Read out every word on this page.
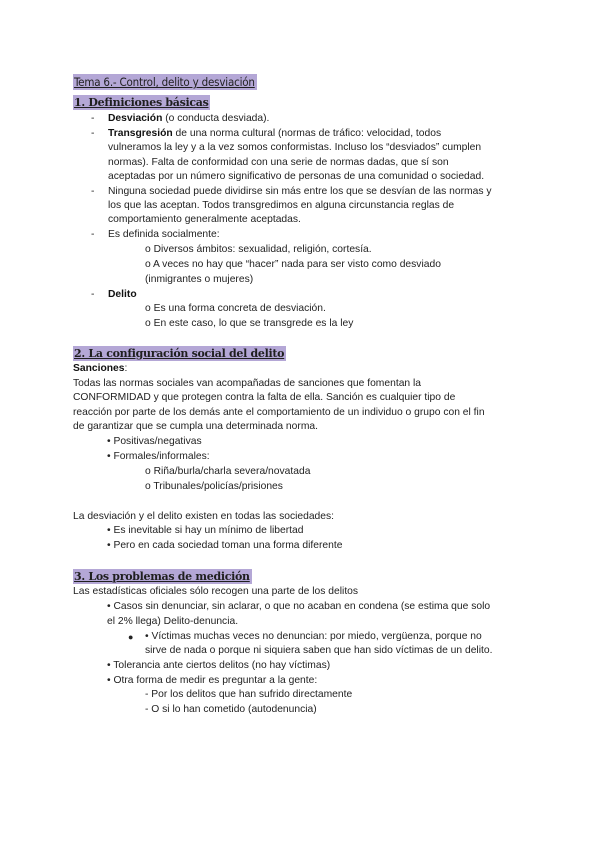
Tema 6.- Control, delito y desviación
1. Definiciones básicas
- Desviación (o conducta desviada).
- Transgresión de una norma cultural (normas de tráfico: velocidad, todos
vulneramos la ley y a la vez somos conformistas. Incluso los “desviados” cumplen
normas). Falta de conformidad con una serie de normas dadas, que sí son
aceptadas por un número significativo de personas de una comunidad o sociedad.
- Ninguna sociedad puede dividirse sin más entre los que se desvían de las normas y
los que las aceptan. Todos transgredimos en alguna circunstancia reglas de
comportamiento generalmente aceptadas.
- Es definida socialmente:
o Diversos ámbitos: sexualidad, religión, cortesía.
o A veces no hay que “hacer” nada para ser visto como desviado
(inmigrantes o mujeres)
- Delito
o Es una forma concreta de desviación.
o En este caso, lo que se transgrede es la ley
2. La configuración social del delito
Sanciones:
Todas las normas sociales van acompañadas de sanciones que fomentan la
CONFORMIDAD y que protegen contra la falta de ella. Sanción es cualquier tipo de
reacción por parte de los demás ante el comportamiento de un individuo o grupo con el fin
de garantizar que se cumpla una determinada norma.
• Positivas/negativas
• Formales/informales:
o Riña/burla/charla severa/novatada
o Tribunales/policías/prisiones
La desviación y el delito existen en todas las sociedades:
• Es inevitable si hay un mínimo de libertad
• Pero en cada sociedad toman una forma diferente
3. Los problemas de medición
Las estadísticas oficiales sólo recogen una parte de los delitos
• Casos sin denunciar, sin aclarar, o que no acaban en condena (se estima que solo
el 2% llega) Delito-denuncia.
● • Víctimas muchas veces no denuncian: por miedo, vergüenza, porque no
sirve de nada o porque ni siquiera saben que han sido víctimas de un delito.
• Tolerancia ante ciertos delitos (no hay víctimas)
• Otra forma de medir es preguntar a la gente:
- Por los delitos que han sufrido directamente
- O si lo han cometido (autodenuncia)
